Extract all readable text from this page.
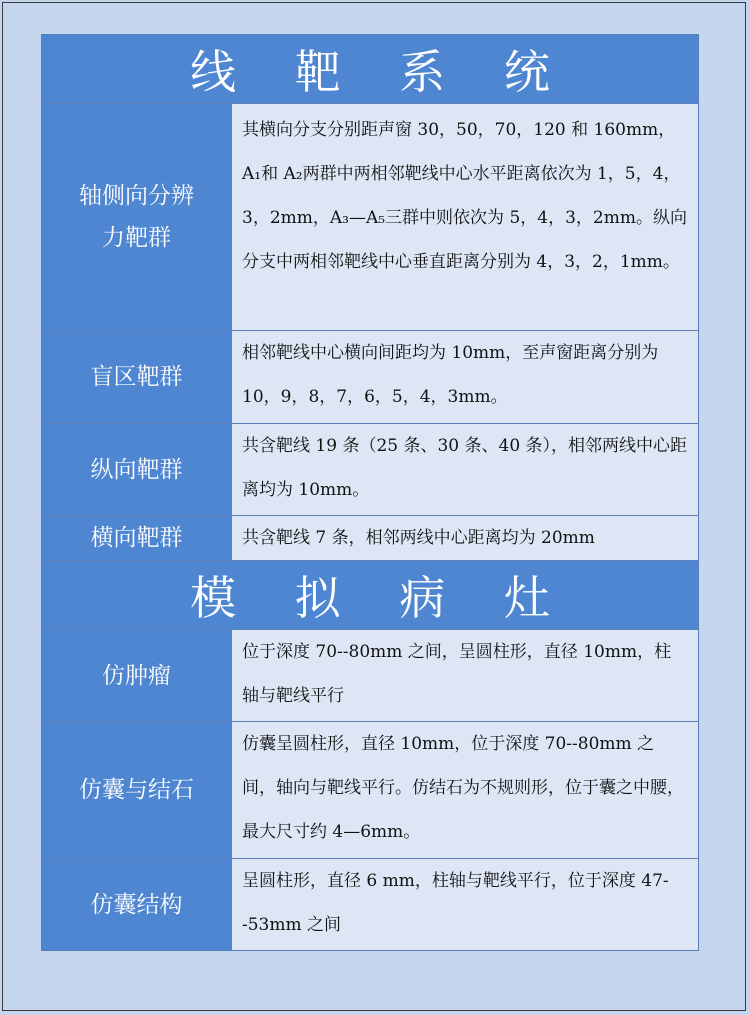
线 靶 系 统	
轴侧向分辨力靶群	其横向分支分别距声窗 30，50，70，120 和 160mm，A₁和 A₂两群中两相邻靶线中心水平距离依次为 1，5，4，3，2mm，A₃—A₅三群中则依次为 5，4，3，2mm。纵向分支中两相邻靶线中心垂直距离分别为 4，3，2，1mm。
盲区靶群	相邻靶线中心横向间距均为 10mm，至声窗距离分别为 10，9，8，7，6，5，4，3mm。
纵向靶群	共含靶线 19 条（25 条、30 条、40 条），相邻两线中心距离均为 10mm。
横向靶群	共含靶线 7 条，相邻两线中心距离均为 20mm
模 拟 病 灶	
仿肿瘤	位于深度 70--80mm 之间，呈圆柱形，直径 10mm，柱轴与靶线平行
仿囊与结石	仿囊呈圆柱形，直径 10mm，位于深度 70--80mm 之间，轴向与靶线平行。仿结石为不规则形，位于囊之中腰，最大尺寸约 4—6mm。
仿囊结构	呈圆柱形，直径 6 mm，柱轴与靶线平行，位于深度 47--53mm 之间
